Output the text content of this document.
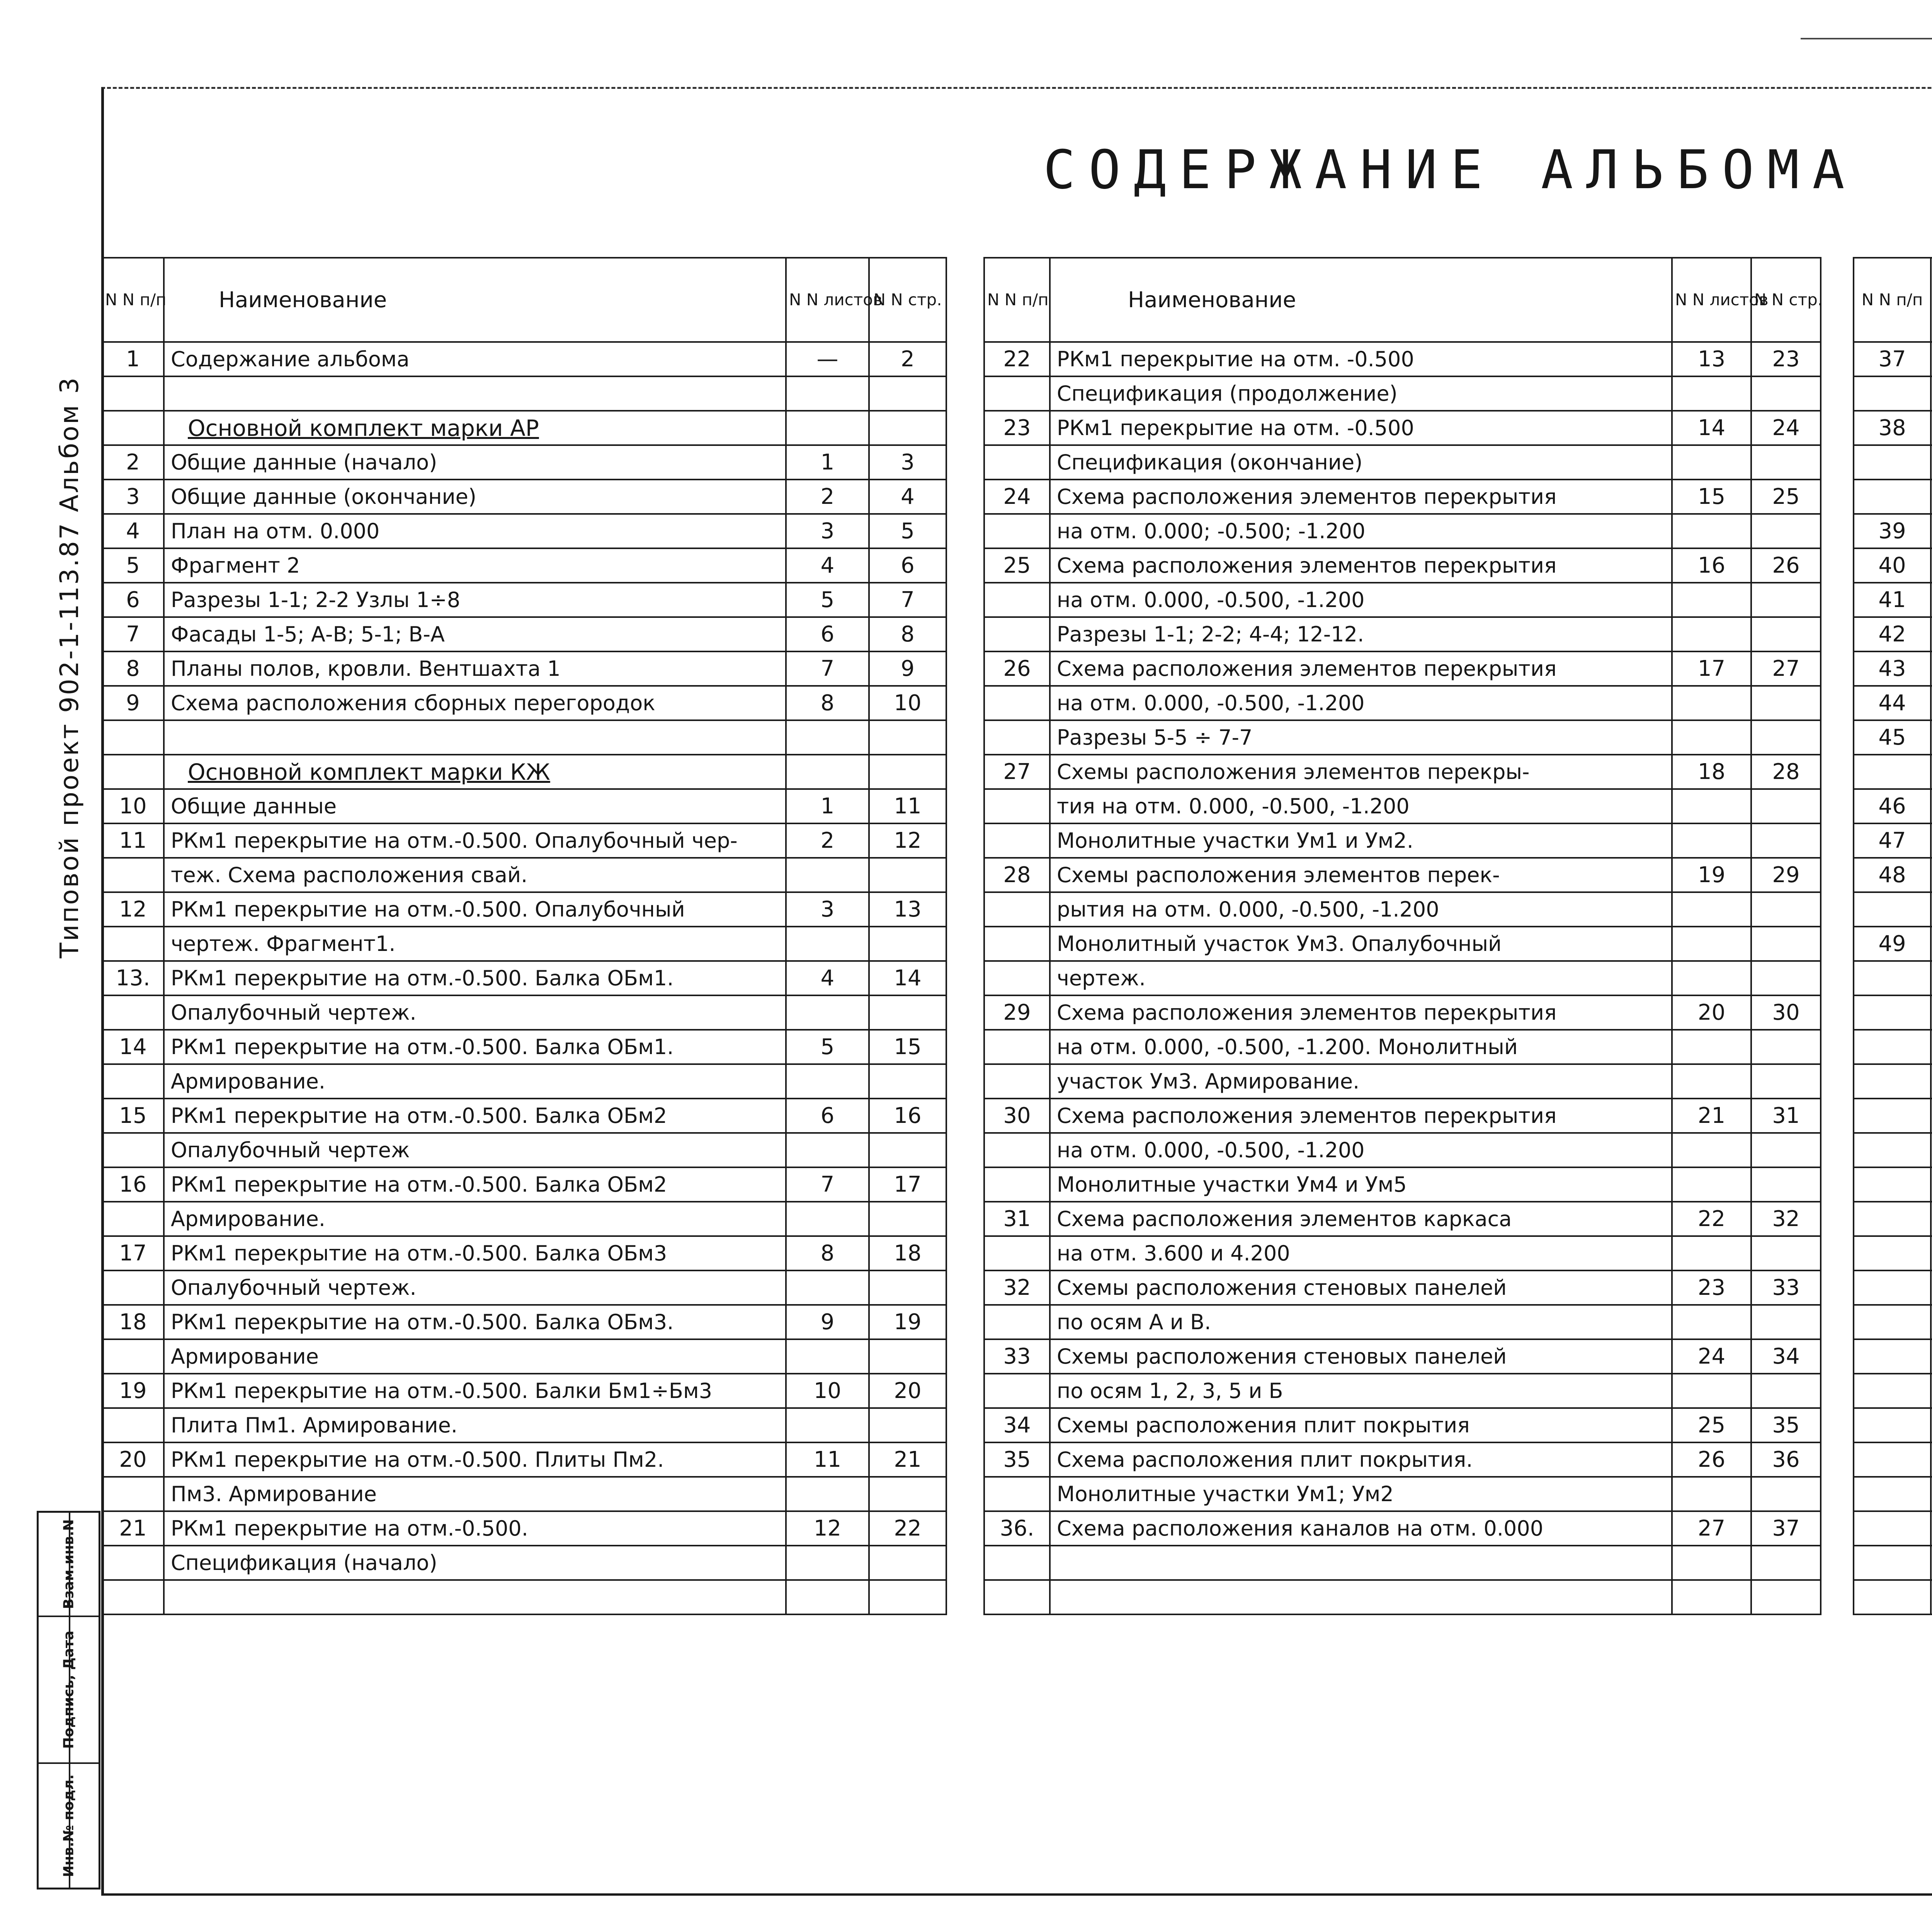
СОДЕРЖАНИЕ АЛЬБОМА
Типовой проект 902-1-113.87 Альбом 3
Взам.инв.N
Подпись, Дата
Инв.№ подл.
N N п/п	Наименование	N N листов	N N стр.
1	Содержание альбома	—	2

	Основной комплект марки АР		
2	Общие данные (начало)	1	3
3	Общие данные (окончание)	2	4
4	План на отм. 0.000	3	5
5	Фрагмент 2	4	6
6	Разрезы 1-1; 2-2 Узлы 1÷8	5	7
7	Фасады 1-5; А-В; 5-1; В-А	6	8
8	Планы полов, кровли. Вентшахта 1	7	9
9	Схема расположения сборных перегородок	8	10

	Основной комплект марки КЖ		
10	Общие данные	1	11
11	РКм1 перекрытие на отм.-0.500. Опалубочный чер-	2	12
	теж. Схема расположения свай.		
12	РКм1 перекрытие на отм.-0.500. Опалубочный	3	13
	чертеж. Фрагмент1.		
13.	РКм1 перекрытие на отм.-0.500. Балка ОБм1.	4	14
	Опалубочный чертеж.		
14	РКм1 перекрытие на отм.-0.500. Балка ОБм1.	5	15
	Армирование.		
15	РКм1 перекрытие на отм.-0.500. Балка ОБм2	6	16
	Опалубочный чертеж		
16	РКм1 перекрытие на отм.-0.500. Балка ОБм2	7	17
	Армирование.		
17	РКм1 перекрытие на отм.-0.500. Балка ОБм3	8	18
	Опалубочный чертеж.		
18	РКм1 перекрытие на отм.-0.500. Балка ОБм3.	9	19
	Армирование		
19	РКм1 перекрытие на отм.-0.500. Балки Бм1÷Бм3	10	20
	Плита Пм1. Армирование.		
20	РКм1 перекрытие на отм.-0.500. Плиты Пм2.	11	21
	Пм3. Армирование		
21	РКм1 перекрытие на отм.-0.500.	12	22
	Спецификация (начало)		

N N п/п	Наименование	N N листов	N N стр.
22	РКм1 перекрытие на отм. -0.500	13	23
	Спецификация (продолжение)		
23	РКм1 перекрытие на отм. -0.500	14	24
	Спецификация (окончание)		
24	Схема расположения элементов перекрытия	15	25
	на отм. 0.000; -0.500; -1.200		
25	Схема расположения элементов перекрытия	16	26
	на отм. 0.000, -0.500, -1.200		
	Разрезы 1-1; 2-2; 4-4; 12-12.		
26	Схема расположения элементов перекрытия	17	27
	на отм. 0.000, -0.500, -1.200		
	Разрезы 5-5 ÷ 7-7		
27	Схемы расположения элементов перекры-	18	28
	тия на отм. 0.000, -0.500, -1.200		
	Монолитные участки Ум1 и Ум2.		
28	Схемы расположения элементов перек-	19	29
	рытия на отм. 0.000, -0.500, -1.200		
	Монолитный участок Ум3. Опалубочный		
	чертеж.		
29	Схема расположения элементов перекрытия	20	30
	на отм. 0.000, -0.500, -1.200. Монолитный		
	участок Ум3. Армирование.		
30	Схема расположения элементов перекрытия	21	31
	на отм. 0.000, -0.500, -1.200		
	Монолитные участки Ум4 и Ум5		
31	Схема расположения элементов каркаса	22	32
	на отм. 3.600 и 4.200		
32	Схемы расположения стеновых панелей	23	33
	по осям А и В.		
33	Схемы расположения стеновых панелей	24	34
	по осям 1, 2, 3, 5 и Б		
34	Схемы расположения плит покрытия	25	35
35	Схема расположения плит покрытия.	26	36
	Монолитные участки Ум1; Ум2		
36.	Схема расположения каналов на отм. 0.000	27	37

N N п/п			
37			

38			

39			
40			
41			
42			
43			
44			
45			

46			
47			
48			

49			
